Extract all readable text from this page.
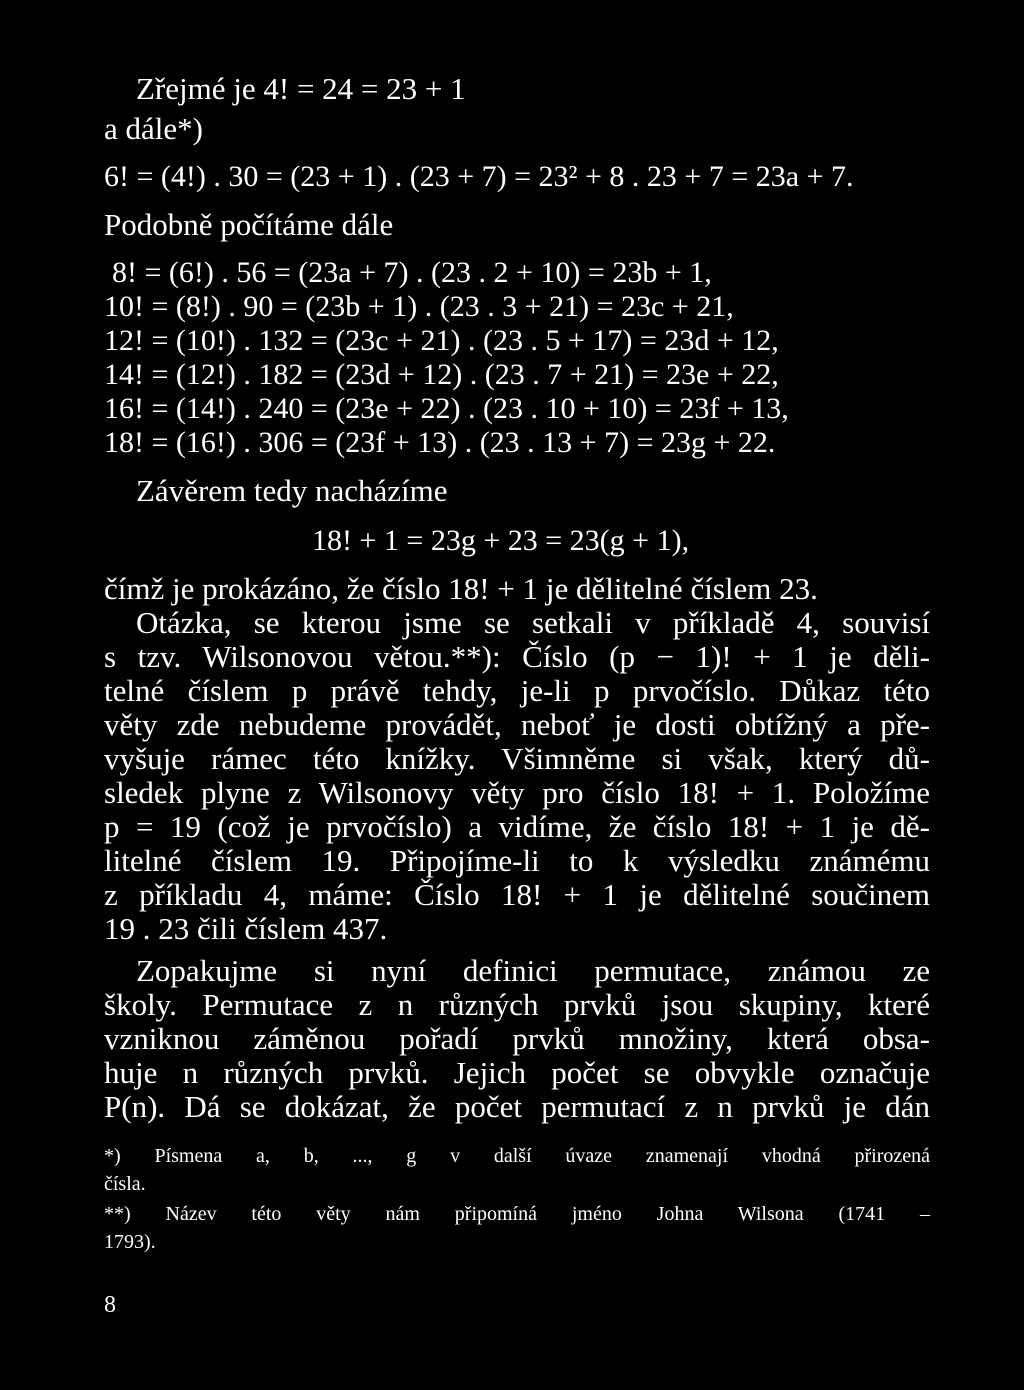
Zřejmé je 4! = 24 = 23 + 1
a dále*)
6! = (4!) . 30 = (23 + 1) . (23 + 7) = 23² + 8 . 23 + 7 = 23a + 7.
Podobně počítáme dále
8! = (6!) . 56 = (23a + 7) . (23 . 2 + 10) = 23b + 1,
10! = (8!) . 90 = (23b + 1) . (23 . 3 + 21) = 23c + 21,
12! = (10!) . 132 = (23c + 21) . (23 . 5 + 17) = 23d + 12,
14! = (12!) . 182 = (23d + 12) . (23 . 7 + 21) = 23e + 22,
16! = (14!) . 240 = (23e + 22) . (23 . 10 + 10) = 23f + 13,
18! = (16!) . 306 = (23f + 13) . (23 . 13 + 7) = 23g + 22.
Závěrem tedy nacházíme
18! + 1 = 23g + 23 = 23(g + 1),
čímž je prokázáno, že číslo 18! + 1 je dělitelné číslem 23.
Otázka, se kterou jsme se setkali v příkladě 4, souvisí
s tzv. Wilsonovou větou.**): Číslo (p − 1)! + 1 je děli-
telné číslem p právě tehdy, je-li p prvočíslo. Důkaz této
věty zde nebudeme provádět, neboť je dosti obtížný a pře-
vyšuje rámec této knížky. Všimněme si však, který dů-
sledek plyne z Wilsonovy věty pro číslo 18! + 1. Položíme
p = 19 (což je prvočíslo) a vidíme, že číslo 18! + 1 je dě-
litelné číslem 19. Připojíme-li to k výsledku známému
z příkladu 4, máme: Číslo 18! + 1 je dělitelné součinem
19 . 23 čili číslem 437.
Zopakujme si nyní definici permutace, známou ze
školy. Permutace z n různých prvků jsou skupiny, které
vzniknou záměnou pořadí prvků množiny, která obsa-
huje n různých prvků. Jejich počet se obvykle označuje
P(n). Dá se dokázat, že počet permutací z n prvků je dán
*) Písmena a, b, ..., g v další úvaze znamenají vhodná přirozená
čísla.
**) Název této věty nám připomíná jméno Johna Wilsona (1741 –
1793).
8
